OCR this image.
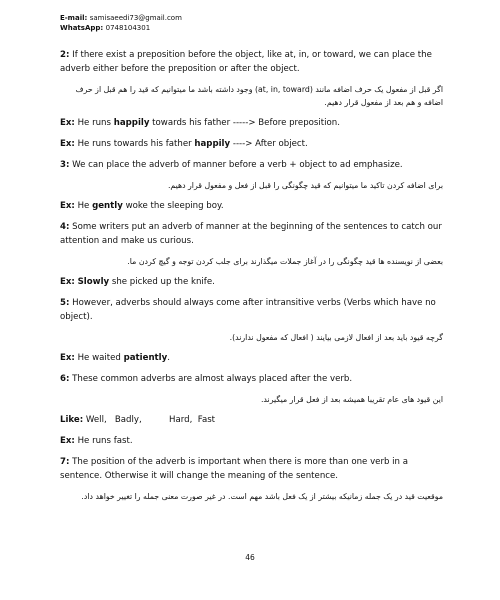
E-mail: samisaeedi73@gmail.com
WhatsApp: 0748104301

2: If there exist a preposition before the object, like at, in, or toward, we can place the adverb either before the preposition or after the object.

اگر قبل از مفعول یک حرف اضافه مانند (at, in, toward) وجود داشته باشد ما میتوانیم که قید را هم قبل از حرف اضافه و هم بعد از مفعول قرار دهیم.

Ex: He runs happily towards his father -----> Before preposition.

Ex: He runs towards his father happily ----> After object.

3: We can place the adverb of manner before a verb + object to ad emphasize.

برای اضافه کردن تاکید ما میتوانیم که قید چگونگی را قبل از فعل و مفعول قرار دهیم.

Ex: He gently woke the sleeping boy.

4: Some writers put an adverb of manner at the beginning of the sentences to catch our attention and make us curious.

بعضی از نویسنده ها قید چگونگی را در آغاز جملات میگذارند برای جلب کردن توجه و گیچ کردن ما.

Ex: Slowly she picked up the knife.

5: However, adverbs should always come after intransitive verbs (Verbs which have no object).

گرچه قیود باید بعد از افعال لازمی بیایند ( افعال که مفعول ندارند).

Ex: He waited patiently.

6: These common adverbs are almost always placed after the verb.

این قیود های عام تقریبا همیشه بعد از فعل قرار میگیرند.

Like: Well,   Badly,          Hard,  Fast

Ex: He runs fast.

7: The position of the adverb is important when there is more than one verb in a sentence. Otherwise it will change the meaning of the sentence.

موقعیت قید در یک جمله زمانیکه بیشتر از یک فعل باشد مهم است. در غیر صورت معنی جمله را تغییر خواهد داد.

46
